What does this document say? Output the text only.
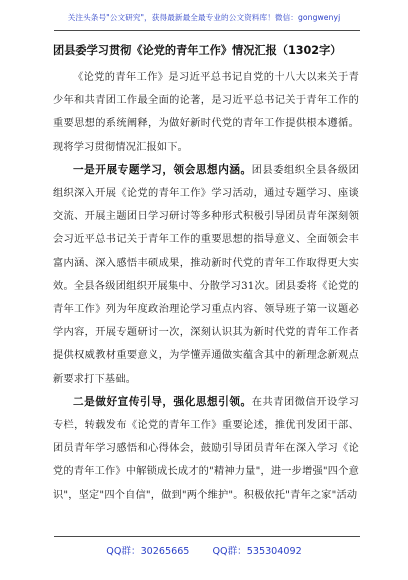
关注头条号"公文研究"，获得最新最全最专业的公文资料库！微信：gongwenyj
团县委学习贯彻《论党的青年工作》情况汇报（1302字）

《论党的青年工作》是习近平总书记自党的十八大以来关于青少年和共青团工作最全面的论著，是习近平总书记关于青年工作的重要思想的系统阐释，为做好新时代党的青年工作提供根本遵循。现将学习贯彻情况汇报如下。

一是开展专题学习，领会思想内涵。团县委组织全县各级团组织深入开展《论党的青年工作》学习活动，通过专题学习、座谈交流、开展主题团日学习研讨等多种形式积极引导团员青年深刻领会习近平总书记关于青年工作的重要思想的指导意义、全面领会丰富内涵、深入感悟丰硕成果，推动新时代党的青年工作取得更大实效。全县各级团组织开展集中、分散学习31次。团县委将《论党的青年工作》列为年度政治理论学习重点内容、领导班子第一议题必学内容，开展专题研讨一次，深刻认识其为新时代党的青年工作者提供权威教材重要意义，为学懂弄通做实蕴含其中的新理念新观点新要求打下基础。

二是做好宣传引导，强化思想引领。在共青团微信开设学习专栏，转载发布《论党的青年工作》重要论述，推优刊发团干部、团员青年学习感悟和心得体会，鼓励引导团员青年在深入学习《论党的青年工作》中解锁成长成才的"精神力量"，进一步增强"四个意识"，坚定"四个自信"，做到"两个维护"。积极依托"青年之家"活动

QQ群：30265665 QQ群：535304092
